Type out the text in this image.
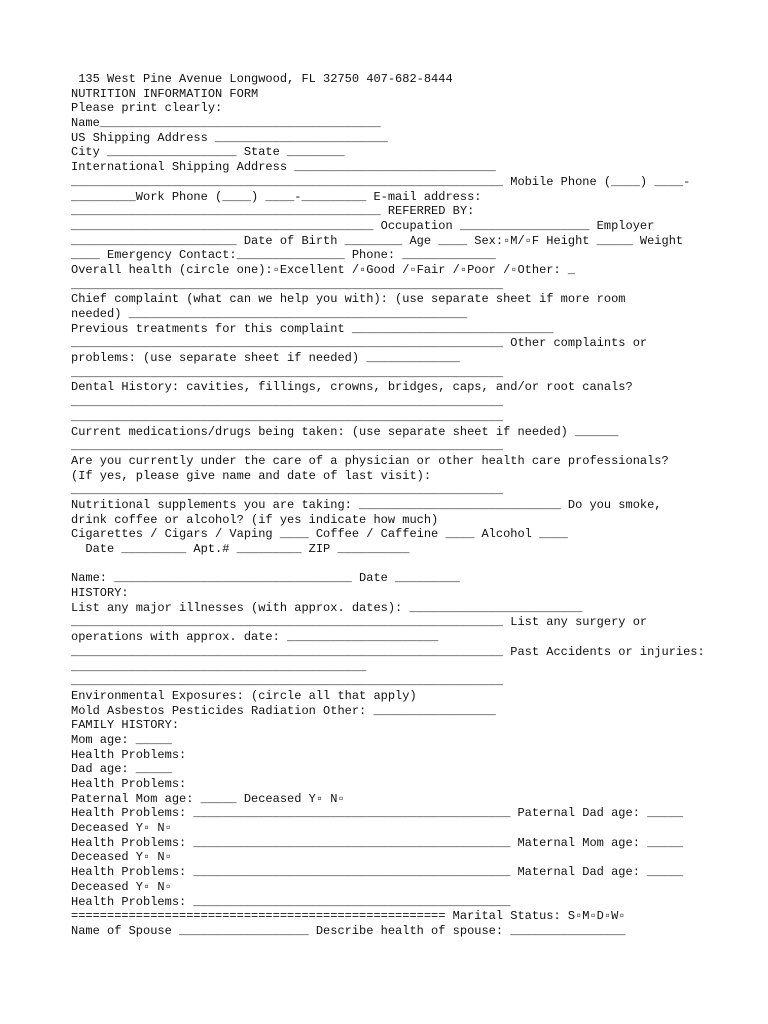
135 West Pine Avenue Longwood, FL 32750 407-682-8444
NUTRITION INFORMATION FORM
Please print clearly:
Name_______________________________________
US Shipping Address ________________________
City __________________ State ________
International Shipping Address ____________________________
____________________________________________________________ Mobile Phone (____) ____-
_________Work Phone (____) ____-_________ E-mail address:
___________________________________________ REFERRED BY:
__________________________________________ Occupation __________________ Employer
_______________________ Date of Birth ________ Age ____ Sex:▫M/▫F Height _____ Weight
____ Emergency Contact:_______________ Phone: _____________
Overall health (circle one):▫Excellent /▫Good /▫Fair /▫Poor /▫Other: _
____________________________________________________________
Chief complaint (what can we help you with): (use separate sheet if more room
needed) _______________________________________________
Previous treatments for this complaint ____________________________
____________________________________________________________ Other complaints or
problems: (use separate sheet if needed) _____________
____________________________________________________________
Dental History: cavities, fillings, crowns, bridges, caps, and/or root canals?
____________________________________________________________
____________________________________________________________
Current medications/drugs being taken: (use separate sheet if needed) ______
____________________________________________________________
Are you currently under the care of a physician or other health care professionals?
(If yes, please give name and date of last visit):
____________________________________________________________
Nutritional supplements you are taking: ____________________________ Do you smoke,
drink coffee or alcohol? (if yes indicate how much)
Cigarettes / Cigars / Vaping ____ Coffee / Caffeine ____ Alcohol ____
Date _________ Apt.# _________ ZIP __________
Name: _________________________________ Date _________
HISTORY:
List any major illnesses (with approx. dates): ________________________
____________________________________________________________ List any surgery or
operations with approx. date: _____________________
____________________________________________________________ Past Accidents or injuries:
_________________________________________
____________________________________________________________
Environmental Exposures: (circle all that apply)
Mold Asbestos Pesticides Radiation Other: _________________
FAMILY HISTORY:
Mom age: _____
Health Problems:
Dad age: _____
Health Problems:
Paternal Mom age: _____ Deceased Y▫ N▫
Health Problems: ____________________________________________ Paternal Dad age: _____
Deceased Y▫ N▫
Health Problems: ____________________________________________ Maternal Mom age: _____
Deceased Y▫ N▫
Health Problems: ____________________________________________ Maternal Dad age: _____
Deceased Y▫ N▫
Health Problems: ____________________________________________
==================================================== Marital Status: S▫M▫D▫W▫
Name of Spouse __________________ Describe health of spouse: ________________
